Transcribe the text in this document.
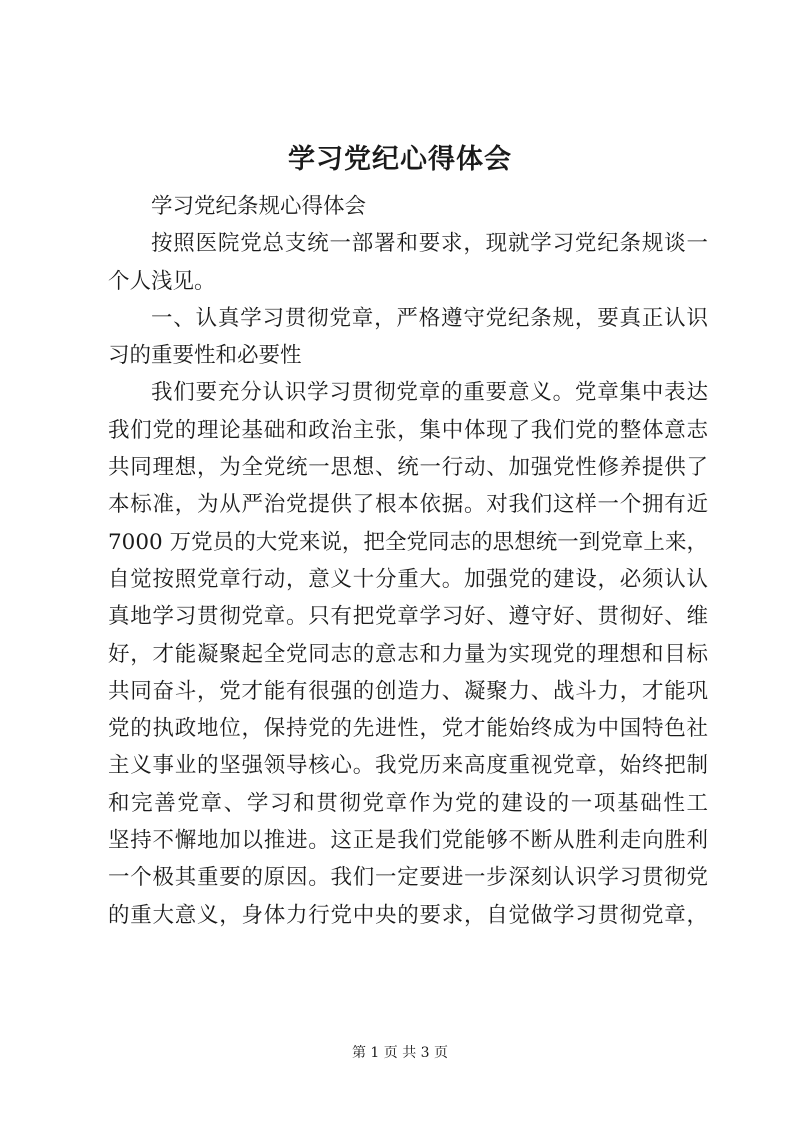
学习党纪心得体会
学习党纪条规心得体会
按照医院党总支统一部署和要求，现就学习党纪条规谈一
个人浅见。
一、认真学习贯彻党章，严格遵守党纪条规，要真正认识
习的重要性和必要性
我们要充分认识学习贯彻党章的重要意义。党章集中表达
我们党的理论基础和政治主张，集中体现了我们党的整体意志
共同理想，为全党统一思想、统一行动、加强党性修养提供了
本标准，为从严治党提供了根本依据。对我们这样一个拥有近
7000 万党员的大党来说，把全党同志的思想统一到党章上来，
自觉按照党章行动，意义十分重大。加强党的建设，必须认认
真地学习贯彻党章。只有把党章学习好、遵守好、贯彻好、维
好，才能凝聚起全党同志的意志和力量为实现党的理想和目标
共同奋斗，党才能有很强的创造力、凝聚力、战斗力，才能巩
党的执政地位，保持党的先进性，党才能始终成为中国特色社
主义事业的坚强领导核心。我党历来高度重视党章，始终把制
和完善党章、学习和贯彻党章作为党的建设的一项基础性工
坚持不懈地加以推进。这正是我们党能够不断从胜利走向胜利
一个极其重要的原因。我们一定要进一步深刻认识学习贯彻党
的重大意义，身体力行党中央的要求，自觉做学习贯彻党章，
第 1 页 共 3 页
